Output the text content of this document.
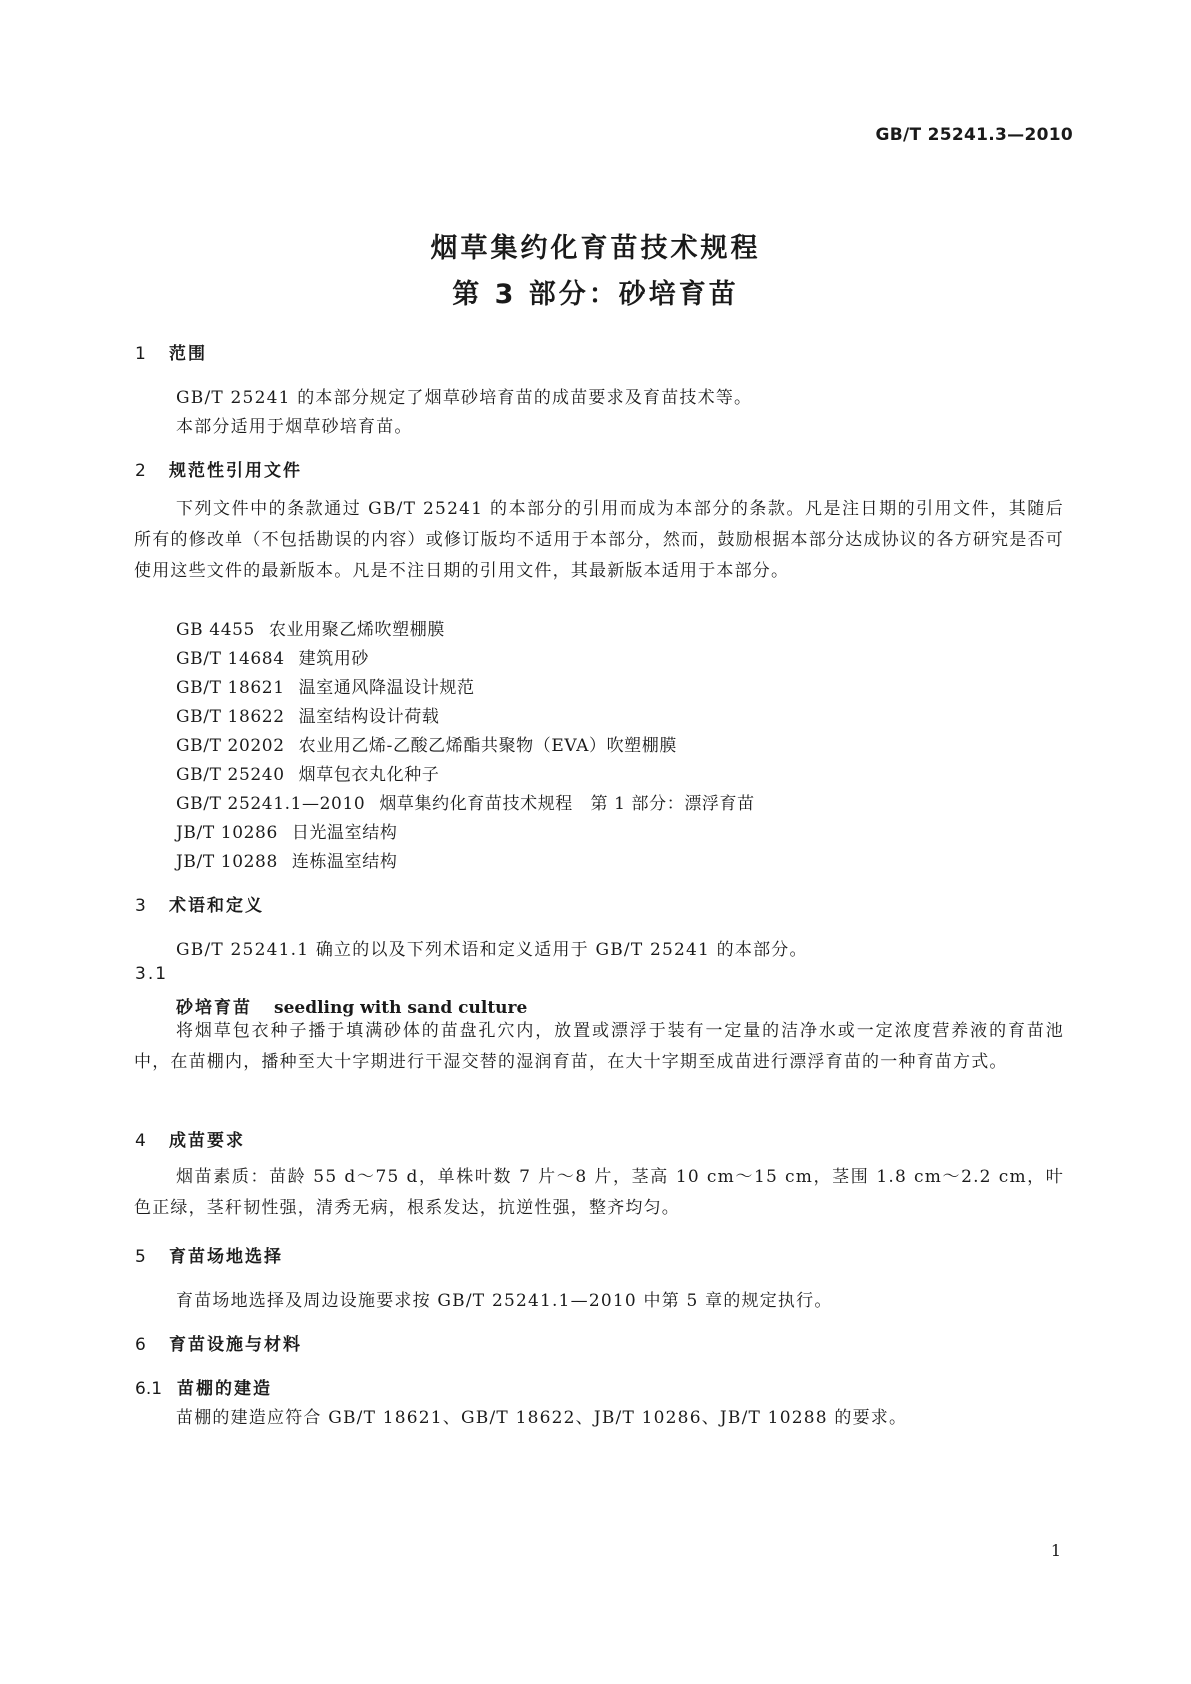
GB/T 25241.3—2010
烟草集约化育苗技术规程
第 3 部分：砂培育苗
1 范围
GB/T 25241 的本部分规定了烟草砂培育苗的成苗要求及育苗技术等。
本部分适用于烟草砂培育苗。
2 规范性引用文件
下列文件中的条款通过 GB/T 25241 的本部分的引用而成为本部分的条款。凡是注日期的引用文件，其随后所有的修改单（不包括勘误的内容）或修订版均不适用于本部分，然而，鼓励根据本部分达成协议的各方研究是否可使用这些文件的最新版本。凡是不注日期的引用文件，其最新版本适用于本部分。
GB 4455 农业用聚乙烯吹塑棚膜
GB/T 14684 建筑用砂
GB/T 18621 温室通风降温设计规范
GB/T 18622 温室结构设计荷载
GB/T 20202 农业用乙烯-乙酸乙烯酯共聚物（EVA）吹塑棚膜
GB/T 25240 烟草包衣丸化种子
GB/T 25241.1—2010 烟草集约化育苗技术规程　第 1 部分：漂浮育苗
JB/T 10286 日光温室结构
JB/T 10288 连栋温室结构
3 术语和定义
GB/T 25241.1 确立的以及下列术语和定义适用于 GB/T 25241 的本部分。
3.1
砂培育苗 seedling with sand culture
将烟草包衣种子播于填满砂体的苗盘孔穴内，放置或漂浮于装有一定量的洁净水或一定浓度营养液的育苗池中，在苗棚内，播种至大十字期进行干湿交替的湿润育苗，在大十字期至成苗进行漂浮育苗的一种育苗方式。
4 成苗要求
烟苗素质：苗龄 55 d～75 d，单株叶数 7 片～8 片，茎高 10 cm～15 cm，茎围 1.8 cm～2.2 cm，叶色正绿，茎秆韧性强，清秀无病，根系发达，抗逆性强，整齐均匀。
5 育苗场地选择
育苗场地选择及周边设施要求按 GB/T 25241.1—2010 中第 5 章的规定执行。
6 育苗设施与材料
6.1 苗棚的建造
苗棚的建造应符合 GB/T 18621、GB/T 18622、JB/T 10286、JB/T 10288 的要求。
1
